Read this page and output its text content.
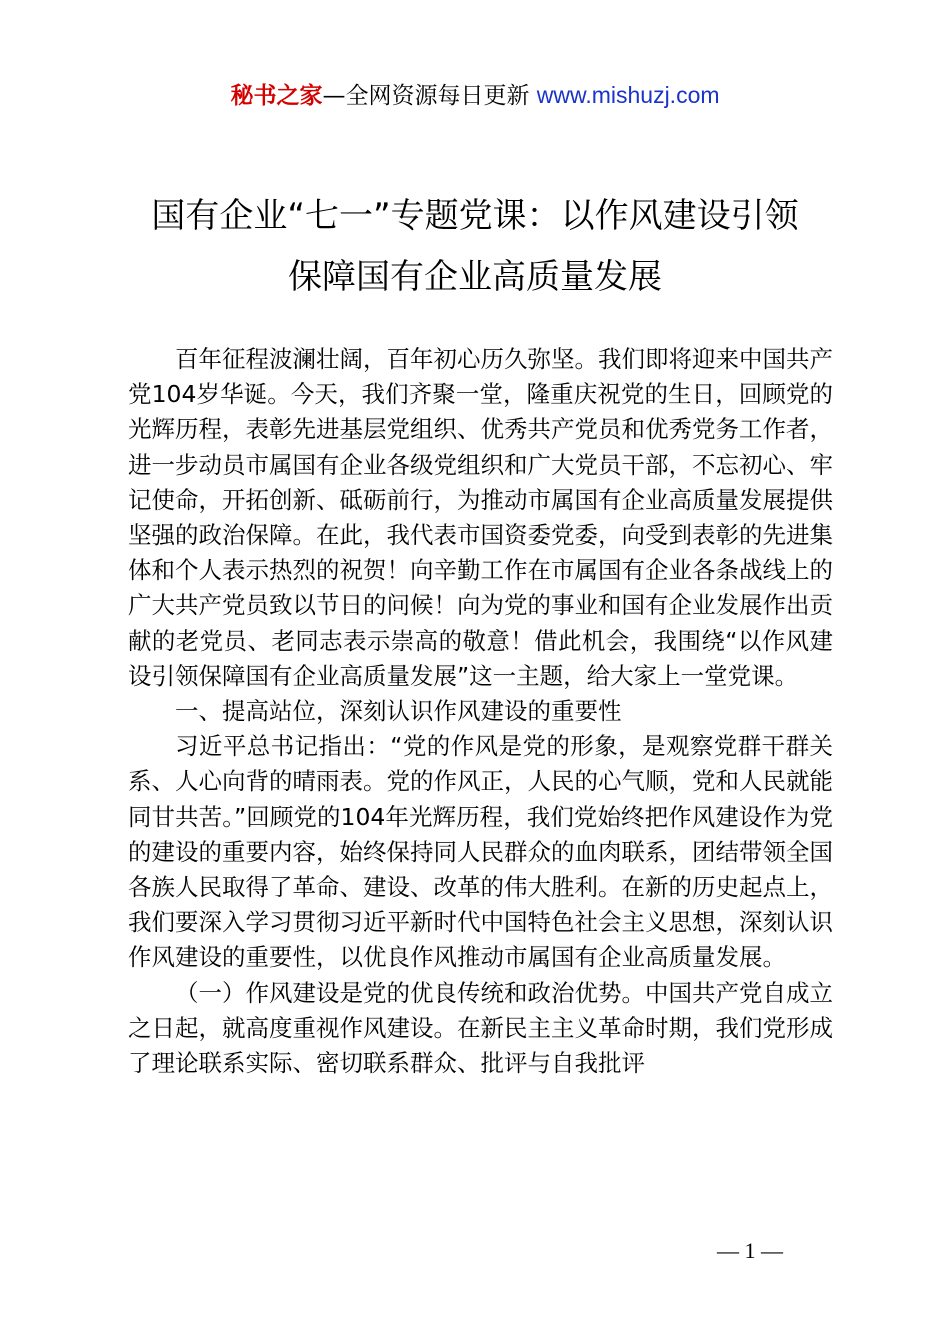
秘书之家—全网资源每日更新 www.mishuzj.com
国有企业“七一”专题党课：以作风建设引领
保障国有企业高质量发展

百年征程波澜壮阔，百年初心历久弥坚。我们即将迎来中国共产党104岁华诞。今天，我们齐聚一堂，隆重庆祝党的生日，回顾党的光辉历程，表彰先进基层党组织、优秀共产党员和优秀党务工作者，进一步动员市属国有企业各级党组织和广大党员干部，不忘初心、牢记使命，开拓创新、砥砺前行，为推动市属国有企业高质量发展提供坚强的政治保障。在此，我代表市国资委党委，向受到表彰的先进集体和个人表示热烈的祝贺！向辛勤工作在市属国有企业各条战线上的广大共产党员致以节日的问候！向为党的事业和国有企业发展作出贡献的老党员、老同志表示崇高的敬意！借此机会，我围绕“以作风建设引领保障国有企业高质量发展”这一主题，给大家上一堂党课。

一、提高站位，深刻认识作风建设的重要性

习近平总书记指出：“党的作风是党的形象，是观察党群干群关系、人心向背的晴雨表。党的作风正，人民的心气顺，党和人民就能同甘共苦。”回顾党的104年光辉历程，我们党始终把作风建设作为党的建设的重要内容，始终保持同人民群众的血肉联系，团结带领全国各族人民取得了革命、建设、改革的伟大胜利。在新的历史起点上，我们要深入学习贯彻习近平新时代中国特色社会主义思想，深刻认识作风建设的重要性，以优良作风推动市属国有企业高质量发展。

（一）作风建设是党的优良传统和政治优势。中国共产党自成立之日起，就高度重视作风建设。在新民主主义革命时期，我们党形成了理论联系实际、密切联系群众、批评与自我批评

— 1 —
